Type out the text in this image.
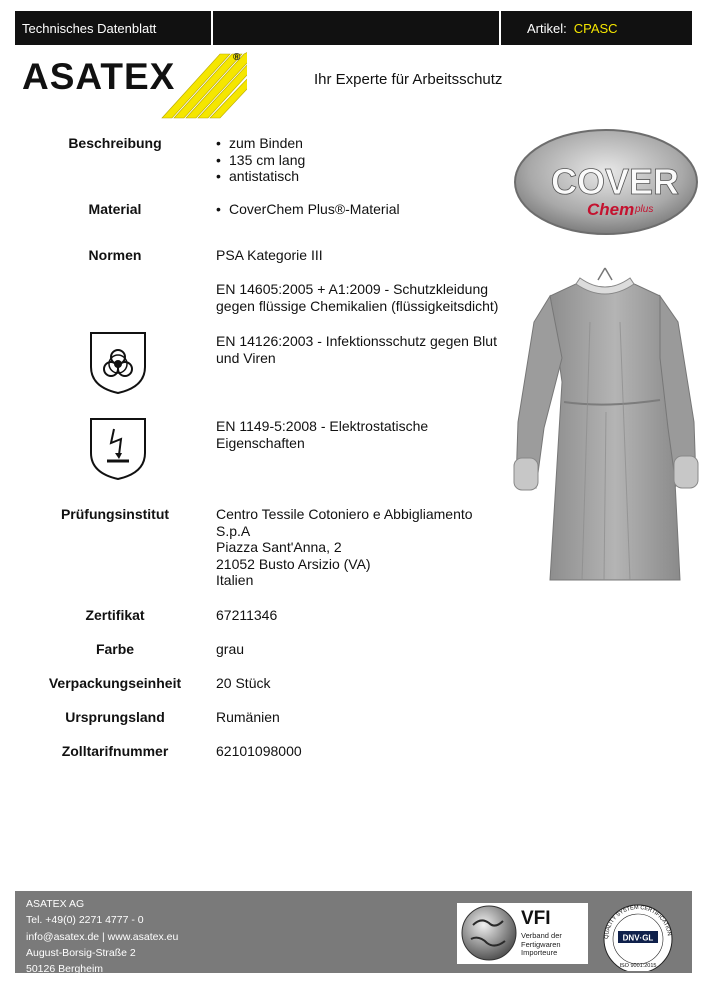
Technisches Datenblatt	Artikel: CPASC
ASATEX	®
Ihr Experte für Arbeitsschutz
COVER
Chem plus
Beschreibung	• zum Binden
• 135 cm lang
• antistatisch
Material	• CoverChem Plus®-Material
Normen	PSA Kategorie III
EN 14605:2005 + A1:2009 - Schutzkleidung
gegen flüssige Chemikalien (flüssigkeitsdicht)
EN 14126:2003 - Infektionsschutz gegen Blut
und Viren
EN 1149-5:2008 - Elektrostatische
Eigenschaften
Prüfungsinstitut	Centro Tessile Cotoniero e Abbigliamento
S.p.A
Piazza Sant'Anna, 2
21052 Busto Arsizio (VA)
Italien
Zertifikat	67211346
Farbe	grau
Verpackungseinheit	20 Stück
Ursprungsland	Rumänien
Zolltarifnummer	62101098000
ASATEX AG
Tel. +49(0) 2271 4777 - 0
info@asatex.de | www.asatex.eu
August-Borsig-Straße 2
50126 Bergheim
VFI
Verband der
Fertigwaren
Importeure
QUALITY SYSTEM CERTIFICATION
DNV·GL
ISO 9001:2015
